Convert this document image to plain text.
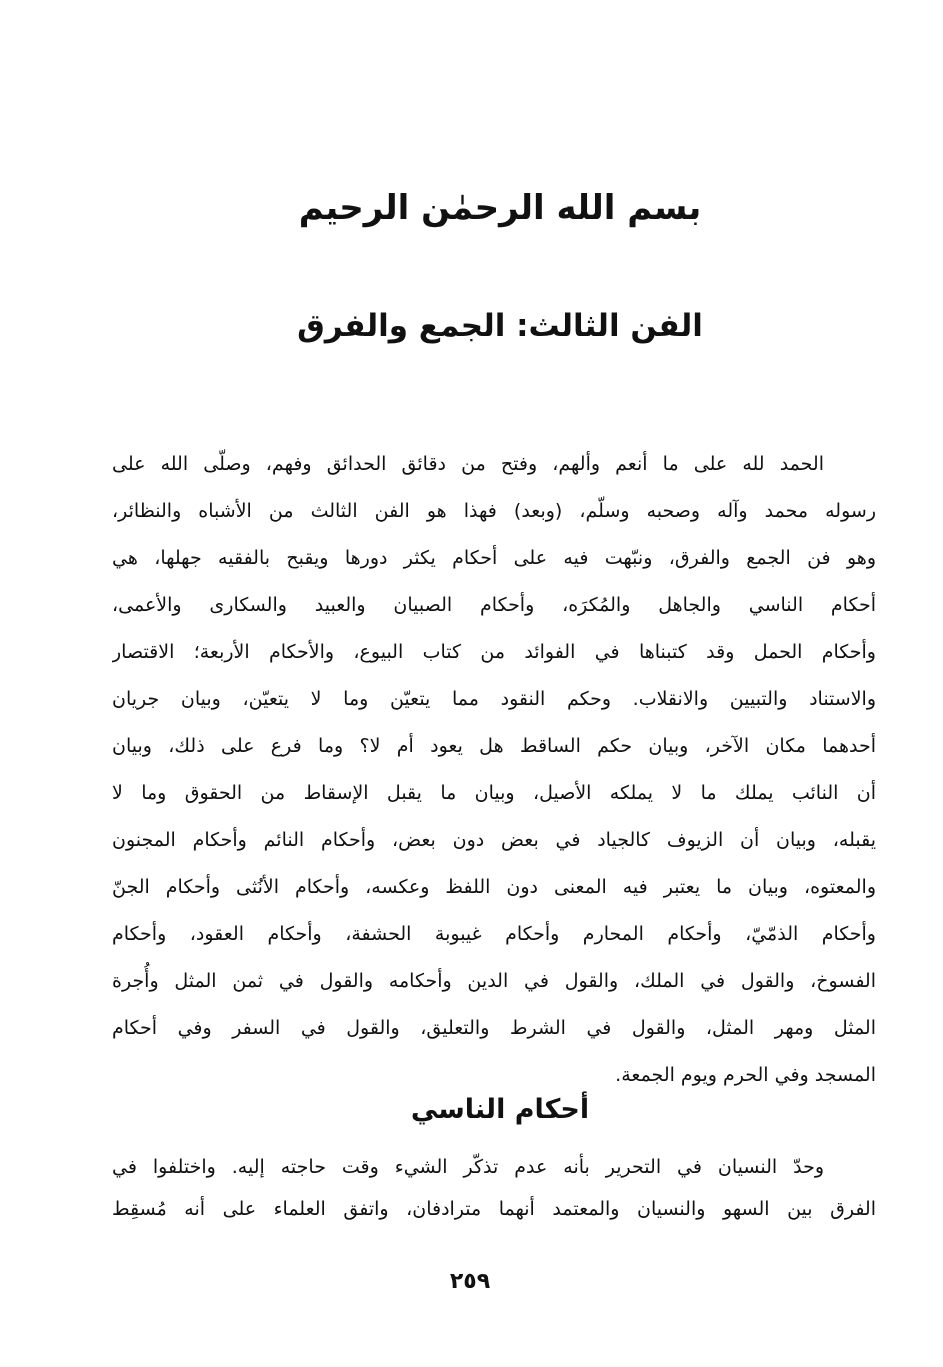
بسم الله الرحمٰن الرحيم
الفن الثالث: الجمع والفرق
الحمد لله على ما أنعم وألهم، وفتح من دقائق الحدائق وفهم، وصلّى الله على
رسوله محمد وآله وصحبه وسلّم، (وبعد) فهذا هو الفن الثالث من الأشباه والنظائر،
وهو فن الجمع والفرق، ونبّهت فيه على أحكام يكثر دورها ويقبح بالفقيه جهلها، هي
أحكام الناسي والجاهل والمُكرَه، وأحكام الصبيان والعبيد والسكارى والأعمى،
وأحكام الحمل وقد كتبناها في الفوائد من كتاب البيوع، والأحكام الأربعة؛ الاقتصار
والاستناد والتبيين والانقلاب. وحكم النقود مما يتعيّن وما لا يتعيّن، وبيان جريان
أحدهما مكان الآخر، وبيان حكم الساقط هل يعود أم لا؟ وما فرع على ذلك، وبيان
أن النائب يملك ما لا يملكه الأصيل، وبيان ما يقبل الإسقاط من الحقوق وما لا
يقبله، وبيان أن الزيوف كالجياد في بعض دون بعض، وأحكام النائم وأحكام المجنون
والمعتوه، وبيان ما يعتبر فيه المعنى دون اللفظ وعكسه، وأحكام الأنُثى وأحكام الجنّ
وأحكام الذمّيّ، وأحكام المحارم وأحكام غيبوبة الحشفة، وأحكام العقود، وأحكام
الفسوخ، والقول في الملك، والقول في الدين وأحكامه والقول في ثمن المثل وأُجرة
المثل ومهر المثل، والقول في الشرط والتعليق، والقول في السفر وفي أحكام
المسجد وفي الحرم ويوم الجمعة.
أحكام الناسي
وحدّ النسيان في التحرير بأنه عدم تذكّر الشيء وقت حاجته إليه. واختلفوا في
الفرق بين السهو والنسيان والمعتمد أنهما مترادفان، واتفق العلماء على أنه مُسقِط
٢٥٩
